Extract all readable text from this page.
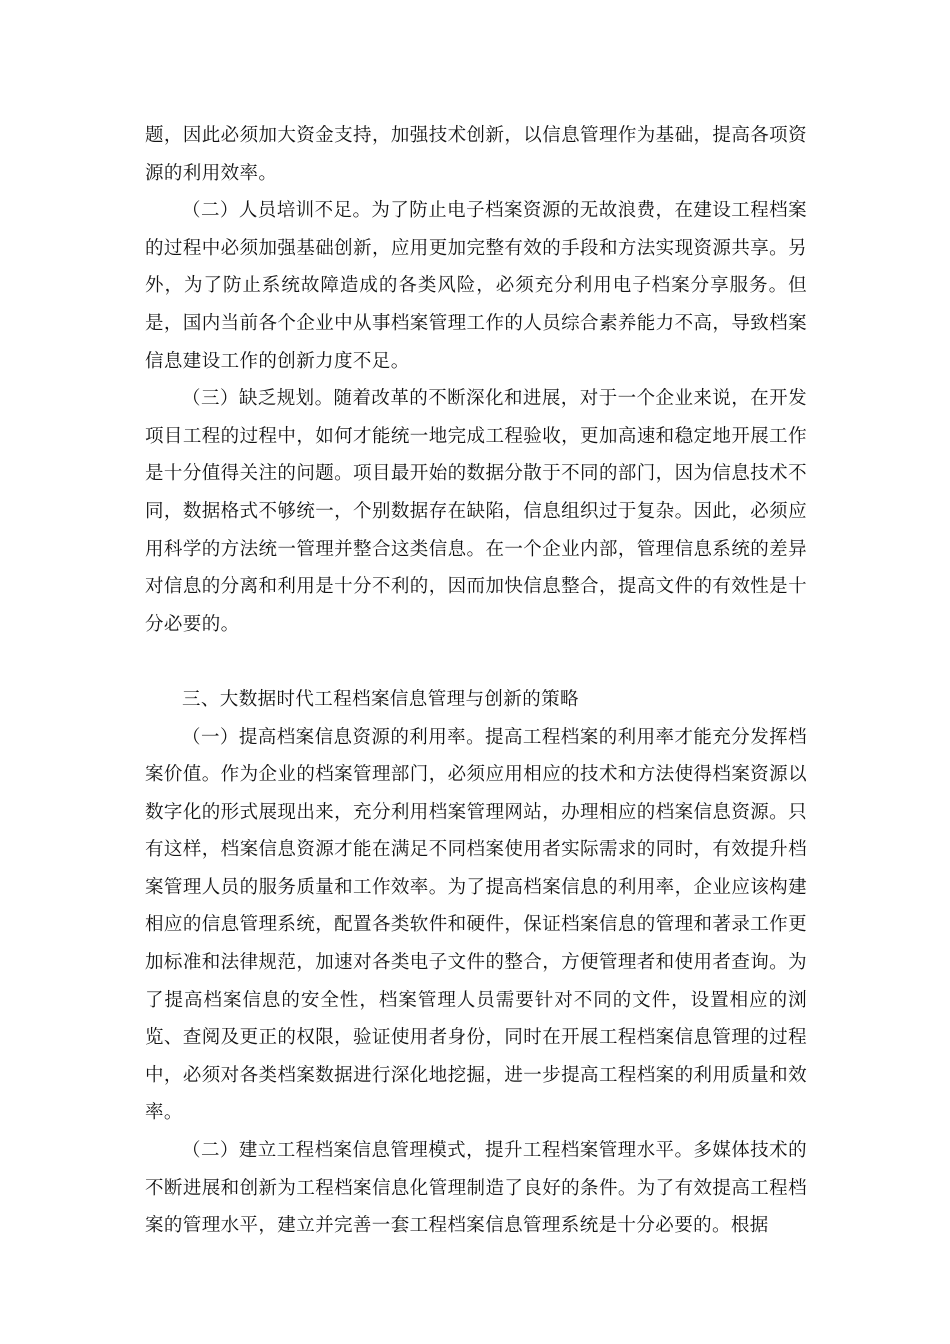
题，因此必须加大资金支持，加强技术创新，以信息管理作为基础，提高各项资源的利用效率。

（二）人员培训不足。为了防止电子档案资源的无故浪费，在建设工程档案的过程中必须加强基础创新，应用更加完整有效的手段和方法实现资源共享。另外，为了防止系统故障造成的各类风险，必须充分利用电子档案分享服务。但是，国内当前各个企业中从事档案管理工作的人员综合素养能力不高，导致档案信息建设工作的创新力度不足。

（三）缺乏规划。随着改革的不断深化和进展，对于一个企业来说，在开发项目工程的过程中，如何才能统一地完成工程验收，更加高速和稳定地开展工作是十分值得关注的问题。项目最开始的数据分散于不同的部门，因为信息技术不同，数据格式不够统一，个别数据存在缺陷，信息组织过于复杂。因此，必须应用科学的方法统一管理并整合这类信息。在一个企业内部，管理信息系统的差异对信息的分离和利用是十分不利的，因而加快信息整合，提高文件的有效性是十分必要的。

三、大数据时代工程档案信息管理与创新的策略

（一）提高档案信息资源的利用率。提高工程档案的利用率才能充分发挥档案价值。作为企业的档案管理部门，必须应用相应的技术和方法使得档案资源以数字化的形式展现出来，充分利用档案管理网站，办理相应的档案信息资源。只有这样，档案信息资源才能在满足不同档案使用者实际需求的同时，有效提升档案管理人员的服务质量和工作效率。为了提高档案信息的利用率，企业应该构建相应的信息管理系统，配置各类软件和硬件，保证档案信息的管理和著录工作更加标准和法律规范，加速对各类电子文件的整合，方便管理者和使用者查询。为了提高档案信息的安全性，档案管理人员需要针对不同的文件，设置相应的浏览、查阅及更正的权限，验证使用者身份，同时在开展工程档案信息管理的过程中，必须对各类档案数据进行深化地挖掘，进一步提高工程档案的利用质量和效率。

（二）建立工程档案信息管理模式，提升工程档案管理水平。多媒体技术的不断进展和创新为工程档案信息化管理制造了良好的条件。为了有效提高工程档案的管理水平，建立并完善一套工程档案信息管理系统是十分必要的。根据
